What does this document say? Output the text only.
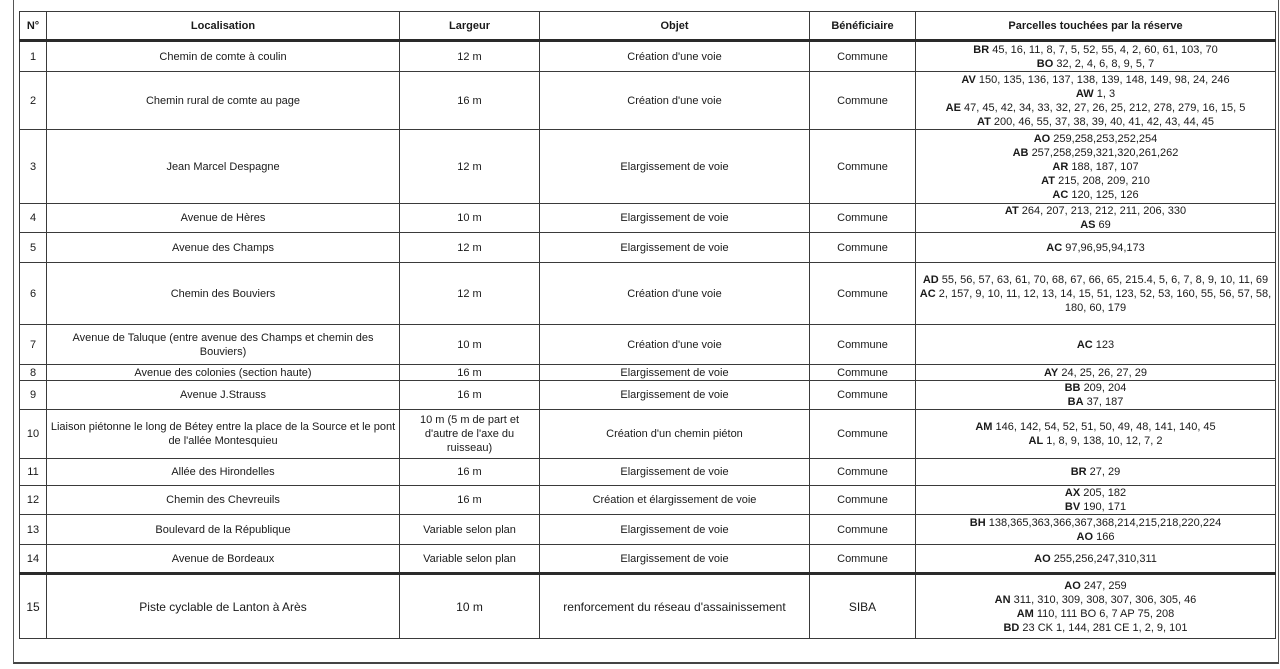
N°	Localisation	Largeur	Objet	Bénéficiaire	Parcelles touchées par la réserve
1	Chemin de comte à coulin	12 m	Création d'une voie	Commune	BR 45, 16, 11, 8, 7, 5, 52, 55, 4, 2, 60, 61, 103, 70
BO 32, 2, 4, 6, 8, 9, 5, 7

2	Chemin rural de comte au page	16 m	Création d'une voie	Commune	AV 150, 135, 136, 137, 138, 139, 148, 149, 98, 24, 246
AW 1, 3
AE 47, 45, 42, 34, 33, 32, 27, 26, 25, 212, 278, 279, 16, 15, 5
AT 200, 46, 55, 37, 38, 39, 40, 41, 42, 43, 44, 45

3	Jean Marcel Despagne	12 m	Elargissement de voie	Commune	AO 259,258,253,252,254
AB 257,258,259,321,320,261,262
AR 188, 187, 107
AT 215, 208, 209, 210
AC 120, 125, 126

4	Avenue de Hères	10 m	Elargissement de voie	Commune	AT 264, 207, 213, 212, 211, 206, 330
AS 69

5	Avenue des Champs	12 m	Elargissement de voie	Commune	AC 97,96,95,94,173

6	Chemin des Bouviers	12 m	Création d'une voie	Commune	AD 55, 56, 57, 63, 61, 70, 68, 67, 66, 65, 215.4, 5, 6, 7, 8, 9, 10, 11, 69
AC 2, 157, 9, 10, 11, 12, 13, 14, 15, 51, 123, 52, 53, 160, 55, 56, 57, 58, 180, 60, 179

7	Avenue de Taluque (entre avenue des Champs et chemin des Bouviers)	10 m	Création d'une voie	Commune	AC 123

8	Avenue des colonies (section haute)	16 m	Elargissement de voie	Commune	AY 24, 25, 26, 27, 29

9	Avenue J.Strauss	16 m	Elargissement de voie	Commune	BB 209, 204
BA 37, 187

10	Liaison piétonne le long de Bétey entre la place de la Source et le pont de l'allée Montesquieu	10 m (5 m de part et d'autre de l'axe du ruisseau)	Création d'un chemin piéton	Commune	AM 146, 142, 54, 52, 51, 50, 49, 48, 141, 140, 45
AL 1, 8, 9, 138, 10, 12, 7, 2

11	Allée des Hirondelles	16 m	Elargissement de voie	Commune	BR 27, 29

12	Chemin des Chevreuils	16 m	Création et élargissement de voie	Commune	AX 205, 182
BV 190, 171

13	Boulevard de la République	Variable selon plan	Elargissement de voie	Commune	BH 138,365,363,366,367,368,214,215,218,220,224
AO 166

14	Avenue de Bordeaux	Variable selon plan	Elargissement de voie	Commune	AO 255,256,247,310,311

15	Piste cyclable de Lanton à Arès	10 m	renforcement du réseau d'assainissement	SIBA	AO 247, 259
AN 311, 310, 309, 308, 307, 306, 305, 46
AM 110, 111 BO 6, 7 AP 75, 208
BD 23 CK 1, 144, 281 CE 1, 2, 9, 101
